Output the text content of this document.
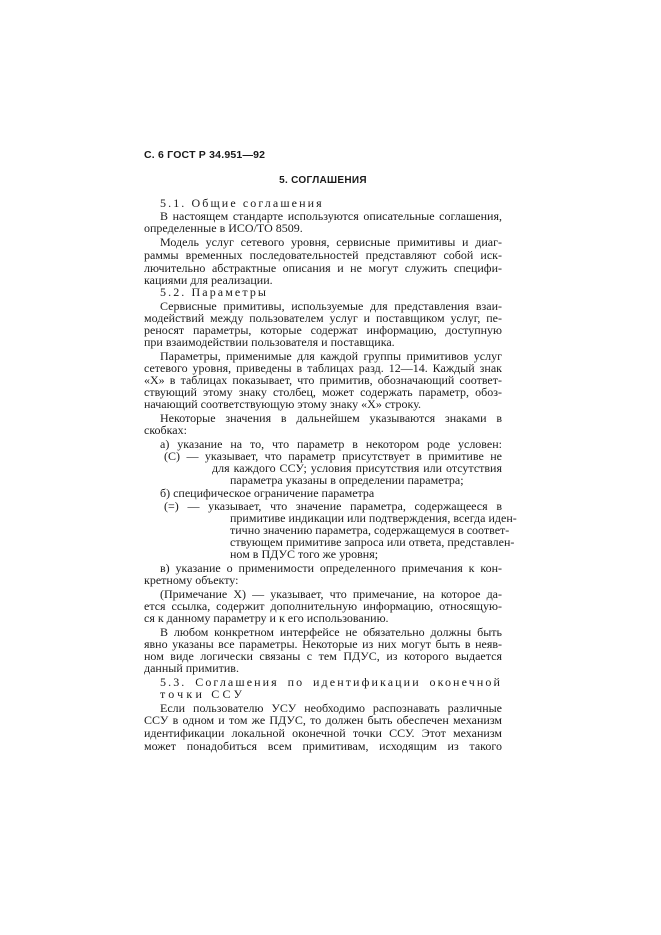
С. 6 ГОСТ Р 34.951—92
5. СОГЛАШЕНИЯ
5.1. Общие соглашения
В настоящем стандарте используются описательные соглашения,
определенные в ИСО/ТО 8509.
Модель услуг сетевого уровня, сервисные примитивы и диаг-
раммы временных последовательностей представляют собой иск-
лючительно абстрактные описания и не могут служить специфи-
кациями для реализации.
5.2. Параметры
Сервисные примитивы, используемые для представления взаи-
модействий между пользователем услуг и поставщиком услуг, пе-
реносят параметры, которые содержат информацию, доступную
при взаимодействии пользователя и поставщика.
Параметры, применимые для каждой группы примитивов услуг
сетевого уровня, приведены в таблицах разд. 12—14. Каждый знак
«Х» в таблицах показывает, что примитив, обозначающий соответ-
ствующий этому знаку столбец, может содержать параметр, обоз-
начающий соответствующую этому знаку «Х» строку.
Некоторые значения в дальнейшем указываются знаками в
скобках:
а) указание на то, что параметр в некотором роде условен:
(С) — указывает, что параметр присутствует в примитиве не
для каждого ССУ; условия присутствия или отсутствия
параметра указаны в определении параметра;
б) специфическое ограничение параметра
(=) — указывает, что значение параметра, содержащееся в
примитиве индикации или подтверждения, всегда иден-
тично значению параметра, содержащемуся в соответ-
ствующем примитиве запроса или ответа, представлен-
ном в ПДУС того же уровня;
в) указание о применимости определенного примечания к кон-
кретному объекту:
(Примечание Х) — указывает, что примечание, на которое да-
ется ссылка, содержит дополнительную информацию, относящую-
ся к данному параметру и к его использованию.
В любом конкретном интерфейсе не обязательно должны быть
явно указаны все параметры. Некоторые из них могут быть в неяв-
ном виде логически связаны с тем ПДУС, из которого выдается
данный примитив.
5.3. Соглашения по идентификации оконечной
точки ССУ
Если пользователю УСУ необходимо распознавать различные
ССУ в одном и том же ПДУС, то должен быть обеспечен механизм
идентификации локальной оконечной точки ССУ. Этот механизм
может понадобиться всем примитивам, исходящим из такого
